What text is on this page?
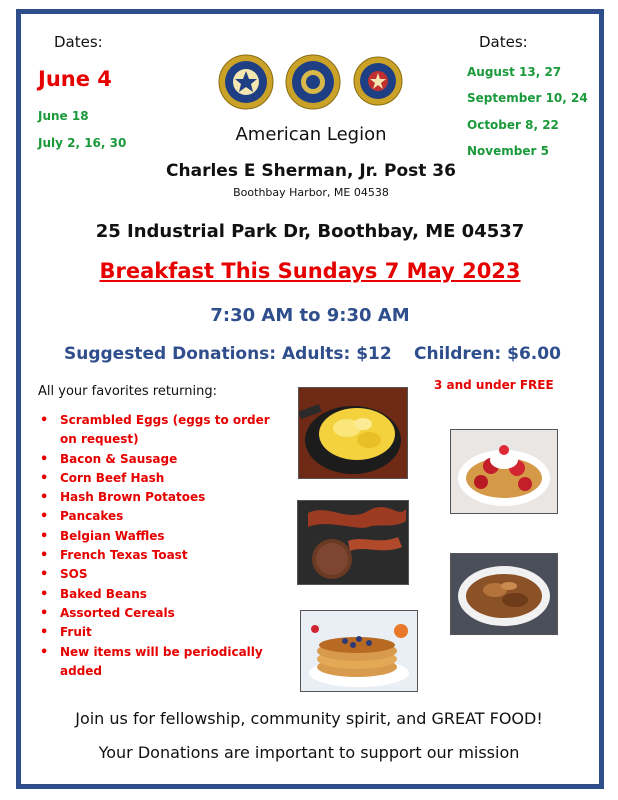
Dates:
June 4
June 18
July 2, 16, 30
Dates:
August 13, 27
September 10, 24
October 8, 22
November 5
American Legion
Charles E Sherman, Jr. Post 36
Boothbay Harbor, ME 04538
25 Industrial Park Dr, Boothbay, ME 04537
Breakfast This Sundays 7 May 2023
7:30 AM to 9:30 AM
Suggested Donations: Adults: $12 Children: $6.00
3 and under FREE
All your favorites returning:
• Scrambled Eggs (eggs to order on request)
• Bacon & Sausage
• Corn Beef Hash
• Hash Brown Potatoes
• Pancakes
• Belgian Waffles
• French Texas Toast
• SOS
• Baked Beans
• Assorted Cereals
• Fruit
• New items will be periodically added
Join us for fellowship, community spirit, and GREAT FOOD!
Your Donations are important to support our mission
